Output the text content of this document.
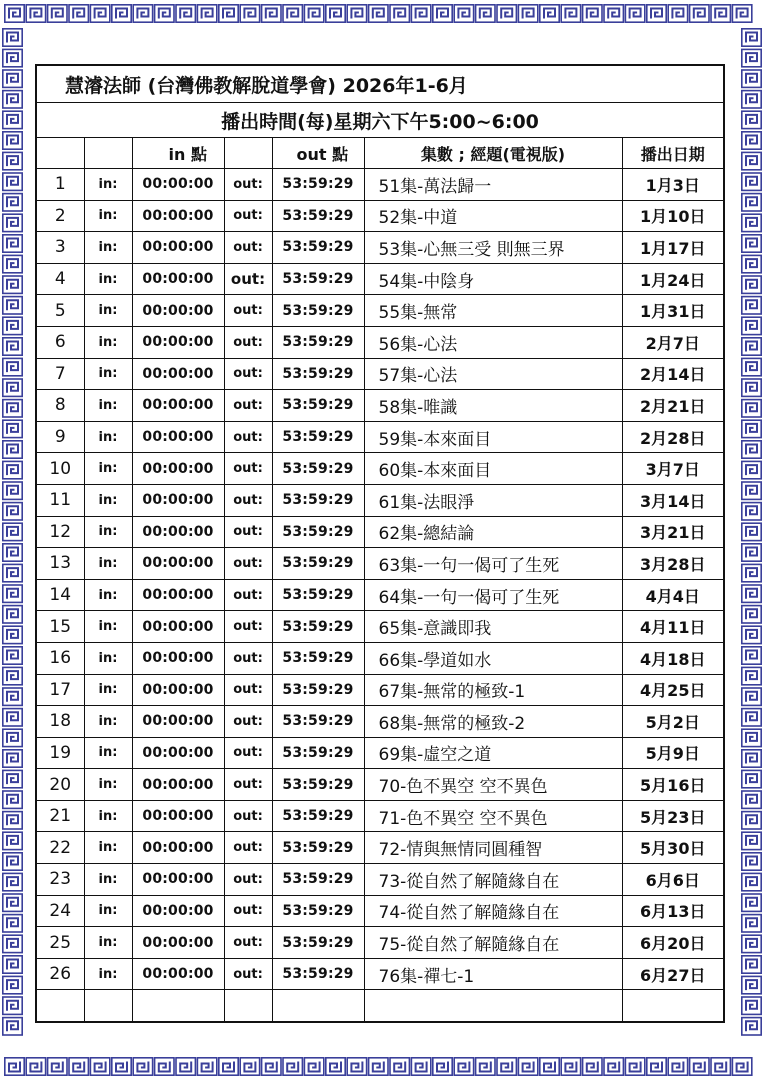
慧濬法師 (台灣佛教解脫道學會) 2026年1-6月						
播出時間(每)星期六下午5:00~6:00						
		in 點		out 點	集數 ; 經題(電視版)	播出日期
1	in:	00:00:00	out:	53:59:29	51集-萬法歸一	1月3日
2	in:	00:00:00	out:	53:59:29	52集-中道	1月10日
3	in:	00:00:00	out:	53:59:29	53集-心無三受 則無三界	1月17日
4	in:	00:00:00	out:	53:59:29	54集-中陰身	1月24日
5	in:	00:00:00	out:	53:59:29	55集-無常	1月31日
6	in:	00:00:00	out:	53:59:29	56集-心法	2月7日
7	in:	00:00:00	out:	53:59:29	57集-心法	2月14日
8	in:	00:00:00	out:	53:59:29	58集-唯識	2月21日
9	in:	00:00:00	out:	53:59:29	59集-本來面目	2月28日
10	in:	00:00:00	out:	53:59:29	60集-本來面目	3月7日
11	in:	00:00:00	out:	53:59:29	61集-法眼淨	3月14日
12	in:	00:00:00	out:	53:59:29	62集-總結論	3月21日
13	in:	00:00:00	out:	53:59:29	63集-一句一偈可了生死	3月28日
14	in:	00:00:00	out:	53:59:29	64集-一句一偈可了生死	4月4日
15	in:	00:00:00	out:	53:59:29	65集-意識即我	4月11日
16	in:	00:00:00	out:	53:59:29	66集-學道如水	4月18日
17	in:	00:00:00	out:	53:59:29	67集-無常的極致-1	4月25日
18	in:	00:00:00	out:	53:59:29	68集-無常的極致-2	5月2日
19	in:	00:00:00	out:	53:59:29	69集-虛空之道	5月9日
20	in:	00:00:00	out:	53:59:29	70-色不異空 空不異色	5月16日
21	in:	00:00:00	out:	53:59:29	71-色不異空 空不異色	5月23日
22	in:	00:00:00	out:	53:59:29	72-情與無情同圓種智	5月30日
23	in:	00:00:00	out:	53:59:29	73-從自然了解隨緣自在	6月6日
24	in:	00:00:00	out:	53:59:29	74-從自然了解隨緣自在	6月13日
25	in:	00:00:00	out:	53:59:29	75-從自然了解隨緣自在	6月20日
26	in:	00:00:00	out:	53:59:29	76集-禪七-1	6月27日
